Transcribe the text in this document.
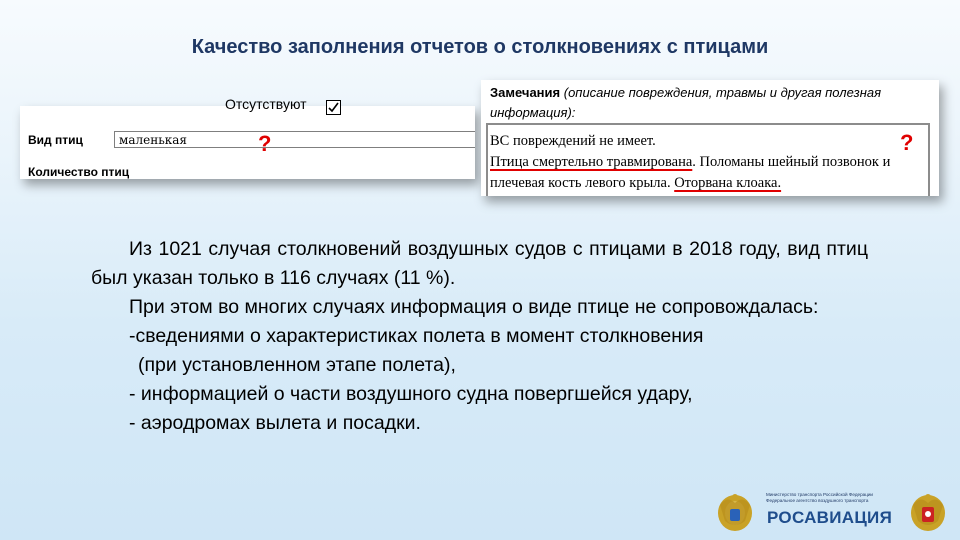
Качество заполнения отчетов о столкновениях с птицами
Отсутствуют
Вид птиц	маленькая	?
Количество птиц
Замечания (описание повреждения, травмы и другая полезная информация):
ВС повреждений не имеет.
Птица смертельно травмирована. Поломаны шейный позвонок и плечевая кость левого крыла. Оторвана клоака.
?

Из 1021 случая столкновений воздушных судов с птицами в 2018 году, вид птиц был указан только в 116 случаях (11 %).

При этом во многих случаях информация о виде птице не сопровождалась:

-сведениями о характеристиках полета в момент столкновения

(при установленном этапе полета),

- информацией о части воздушного судна повергшейся удару,

- аэродромах вылета и посадки.

Министерство транспорта Российской Федерации
Федеральное агентство воздушного транспорта
РОСАВИАЦИЯ
